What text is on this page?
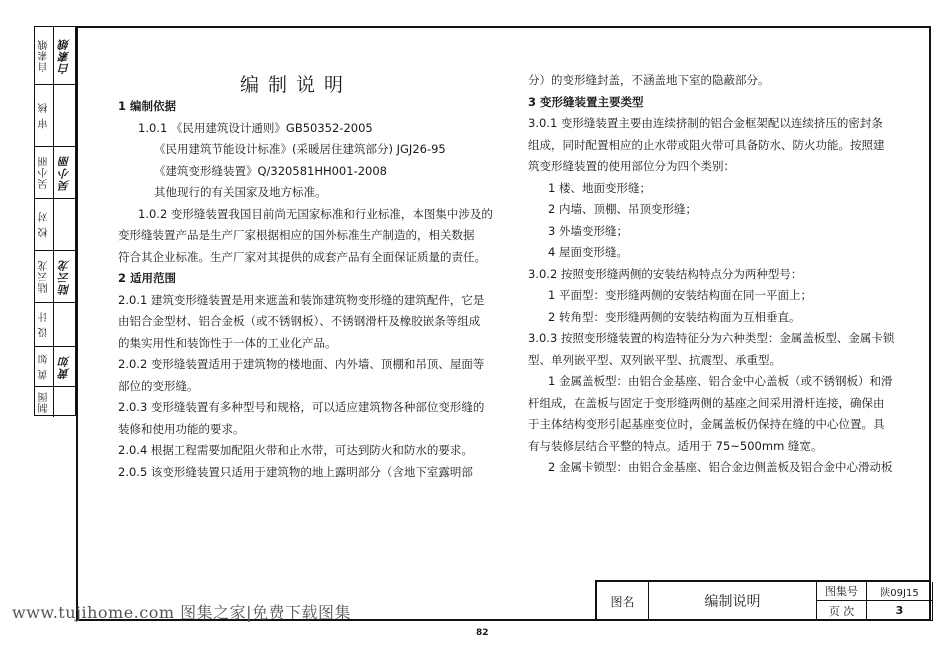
自素娥 白素娥
审 核
吴小丽 吴小丽
校 对
陆云龙 陆云龙
设 计
黄 如 黄如
制图
编制说明
1 编制依据
1.0.1 《民用建筑设计通则》GB50352-2005
《民用建筑节能设计标准》(采暖居住建筑部分) JGJ26-95
《建筑变形缝装置》Q/320581HH001-2008
其他现行的有关国家及地方标准。
1.0.2 变形缝装置我国目前尚无国家标准和行业标准，本图集中涉及的
变形缝装置产品是生产厂家根据相应的国外标准生产制造的，相关数据
符合其企业标准。生产厂家对其提供的成套产品有全面保证质量的责任。
2 适用范围
2.0.1 建筑变形缝装置是用来遮盖和装饰建筑物变形缝的建筑配件，它是
由铝合金型材、铝合金板（或不锈钢板）、不锈钢滑杆及橡胶嵌条等组成
的集实用性和装饰性于一体的工业化产品。
2.0.2 变形缝装置适用于建筑物的楼地面、内外墙、顶棚和吊顶、屋面等
部位的变形缝。
2.0.3 变形缝装置有多种型号和规格，可以适应建筑物各种部位变形缝的
装修和使用功能的要求。
2.0.4 根据工程需要加配阻火带和止水带，可达到防火和防水的要求。
2.0.5 该变形缝装置只适用于建筑物的地上露明部分（含地下室露明部
分）的变形缝封盖，不涵盖地下室的隐蔽部分。
3 变形缝装置主要类型
3.0.1 变形缝装置主要由连续挤制的铝合金框架配以连续挤压的密封条
组成，同时配置相应的止水带或阻火带可具备防水、防火功能。按照建
筑变形缝装置的使用部位分为四个类别：
1 楼、地面变形缝；
2 内墙、顶棚、吊顶变形缝；
3 外墙变形缝；
4 屋面变形缝。
3.0.2 按照变形缝两侧的安装结构特点分为两种型号：
1 平面型：变形缝两侧的安装结构面在同一平面上；
2 转角型：变形缝两侧的安装结构面为互相垂直。
3.0.3 按照变形缝装置的构造特征分为六种类型：金属盖板型、金属卡锁
型、单列嵌平型、双列嵌平型、抗震型、承重型。
1 金属盖板型：由铝合金基座、铝合金中心盖板（或不锈钢板）和滑
杆组成，在盖板与固定于变形缝两侧的基座之间采用滑杆连接，确保由
于主体结构变形引起基座变位时，金属盖板仍保持在缝的中心位置。具
有与装修层结合平整的特点。适用于 75~500mm 缝宽。
2 金属卡锁型：由铝合金基座、铝合金边侧盖板及铝合金中心滑动板
图名	编制说明
图集号	陕09J15
页 次	3
www.tujihome.com 图集之家|免费下载图集
82
